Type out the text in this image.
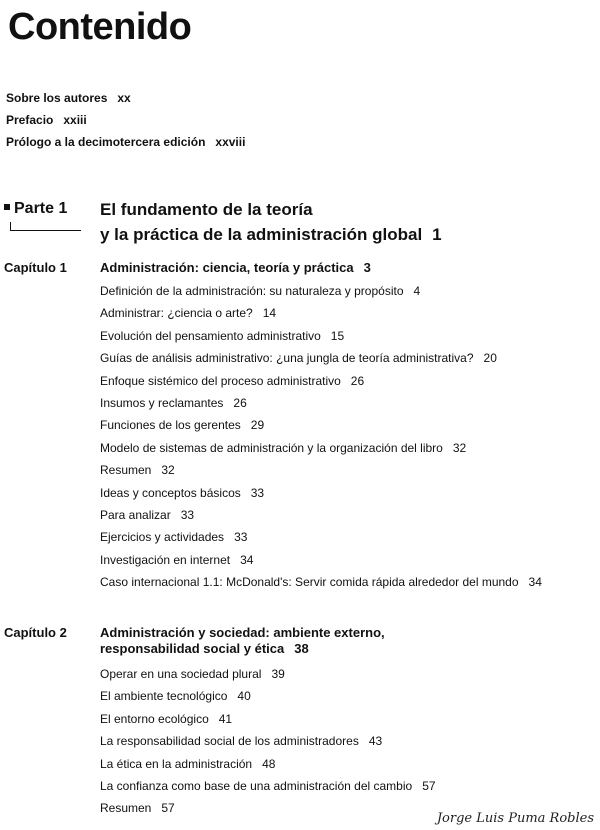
Contenido
Sobre los autores xx
Prefacio xxiii
Prólogo a la decimotercera edición xxviii
Parte 1 El fundamento de la teoría
y la práctica de la administración global 1
Capítulo 1	Administración: ciencia, teoría y práctica 3
Definición de la administración: su naturaleza y propósito 4
Administrar: ¿ciencia o arte? 14
Evolución del pensamiento administrativo 15
Guías de análisis administrativo: ¿una jungla de teoría administrativa? 20
Enfoque sistémico del proceso administrativo 26
Insumos y reclamantes 26
Funciones de los gerentes 29
Modelo de sistemas de administración y la organización del libro 32
Resumen 32
Ideas y conceptos básicos 33
Para analizar 33
Ejercicios y actividades 33
Investigación en internet 34
Caso internacional 1.1: McDonald's: Servir comida rápida alrededor del mundo 34
Capítulo 2	Administración y sociedad: ambiente externo,
responsabilidad social y ética 38
Operar en una sociedad plural 39
El ambiente tecnológico 40
El entorno ecológico 41
La responsabilidad social de los administradores 43
La ética en la administración 48
La confianza como base de una administración del cambio 57
Resumen 57
Jorge Luis Puma Robles
